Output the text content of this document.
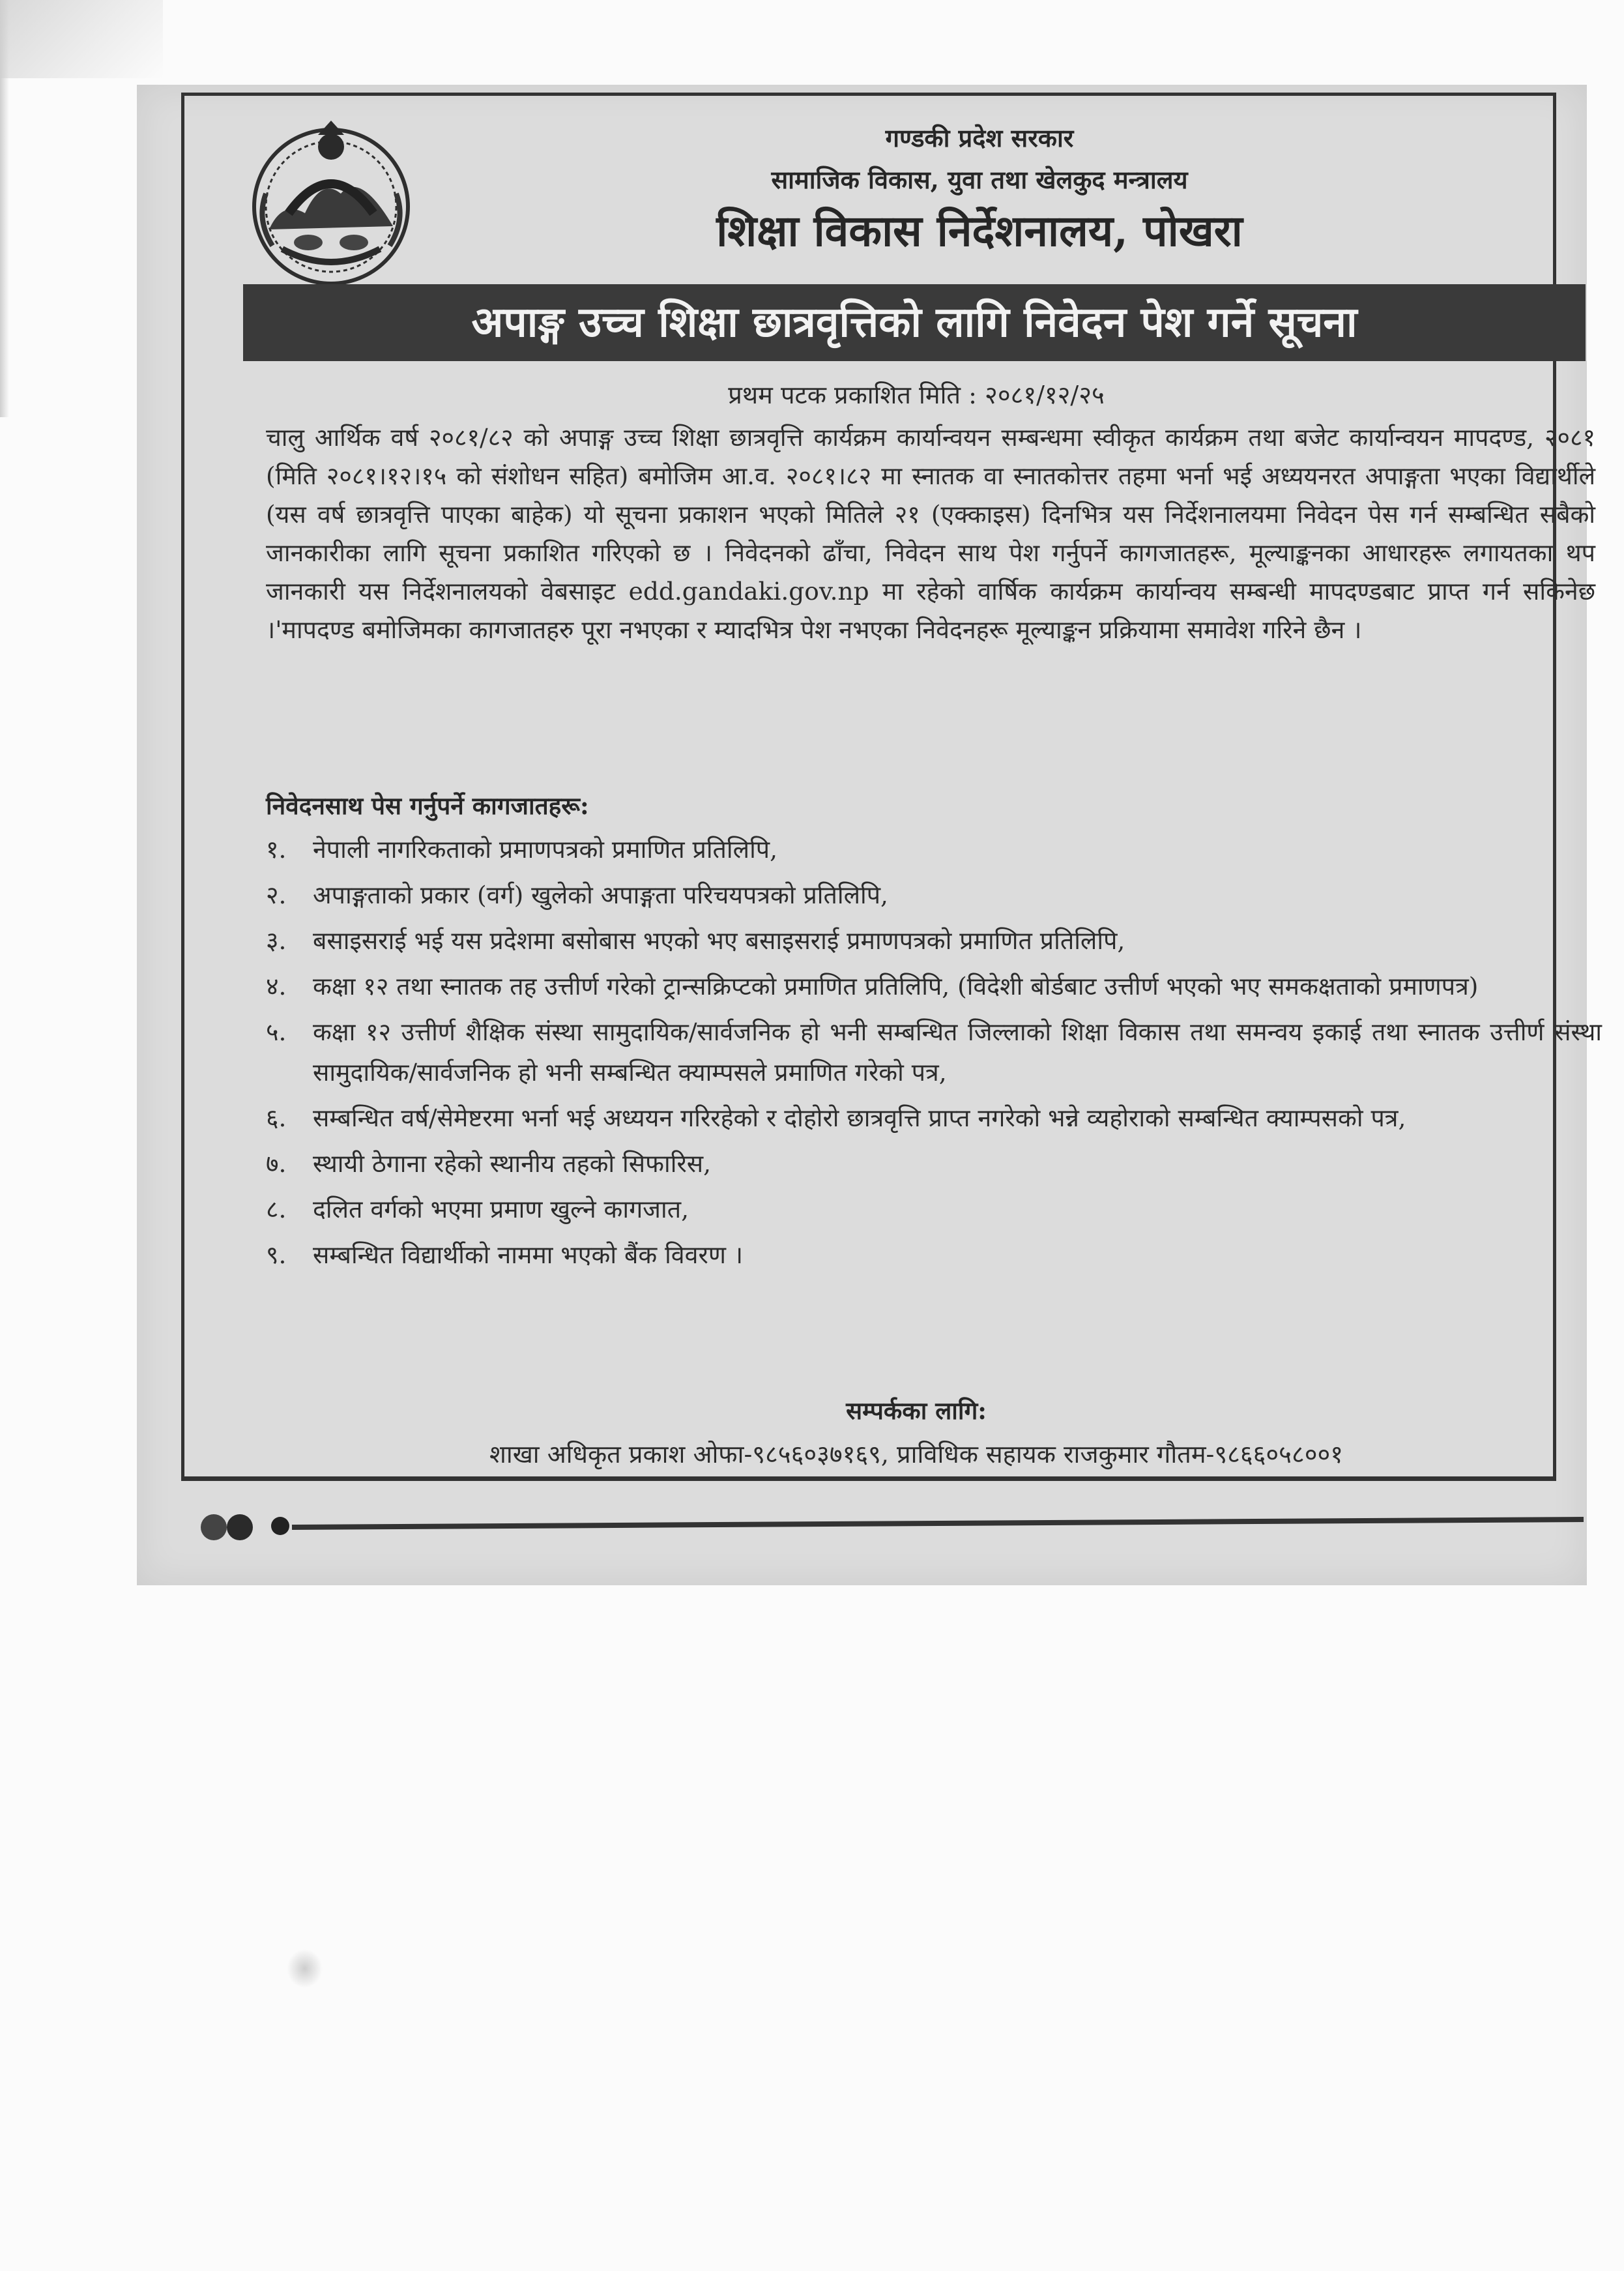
गण्डकी प्रदेश सरकार
सामाजिक विकास, युवा तथा खेलकुद मन्त्रालय
शिक्षा विकास निर्देशनालय, पोखरा
अपाङ्ग उच्च शिक्षा छात्रवृत्तिको लागि निवेदन पेश गर्ने सूचना
प्रथम पटक प्रकाशित मिति : २०८१/१२/२५
चालु आर्थिक वर्ष २०८१/८२ को अपाङ्ग उच्च शिक्षा छात्रवृत्ति कार्यक्रम कार्यान्वयन सम्बन्धमा स्वीकृत कार्यक्रम तथा बजेट कार्यान्वयन मापदण्ड, २०८१ (मिति २०८१।१२।१५ को संशोधन सहित) बमोजिम आ.व. २०८१।८२ मा स्नातक वा स्नातकोत्तर तहमा भर्ना भई अध्ययनरत अपाङ्गता भएका विद्यार्थीले (यस वर्ष छात्रवृत्ति पाएका बाहेक) यो सूचना प्रकाशन भएको मितिले २१ (एक्काइस) दिनभित्र यस निर्देशनालयमा निवेदन पेस गर्न सम्बन्धित सबैको जानकारीका लागि सूचना प्रकाशित गरिएको छ । निवेदनको ढाँचा, निवेदन साथ पेश गर्नुपर्ने कागजातहरू, मूल्याङ्कनका आधारहरू लगायतका थप जानकारी यस निर्देशनालयको वेबसाइट edd.gandaki.gov.np मा रहेको वार्षिक कार्यक्रम कार्यान्वय सम्बन्धी मापदण्डबाट प्राप्त गर्न सकिनेछ ।'मापदण्ड बमोजिमका कागजातहरु पूरा नभएका र म्यादभित्र पेश नभएका निवेदनहरू मूल्याङ्कन प्रक्रियामा समावेश गरिने छैन ।
निवेदनसाथ पेस गर्नुपर्ने कागजातहरू:
१. नेपाली नागरिकताको प्रमाणपत्रको प्रमाणित प्रतिलिपि,
२. अपाङ्गताको प्रकार (वर्ग) खुलेको अपाङ्गता परिचयपत्रको प्रतिलिपि,
३. बसाइसराई भई यस प्रदेशमा बसोबास भएको भए बसाइसराई प्रमाणपत्रको प्रमाणित प्रतिलिपि,
४. कक्षा १२ तथा स्नातक तह उत्तीर्ण गरेको ट्रान्सक्रिप्टको प्रमाणित प्रतिलिपि, (विदेशी बोर्डबाट उत्तीर्ण भएको भए समकक्षताको प्रमाणपत्र)
५. कक्षा १२ उत्तीर्ण शैक्षिक संस्था सामुदायिक/सार्वजनिक हो भनी सम्बन्धित जिल्लाको शिक्षा विकास तथा समन्वय इकाई तथा स्नातक उत्तीर्ण संस्था सामुदायिक/सार्वजनिक हो भनी सम्बन्धित क्याम्पसले प्रमाणित गरेको पत्र,
६. सम्बन्धित वर्ष/सेमेष्टरमा भर्ना भई अध्ययन गरिरहेको र दोहोरो छात्रवृत्ति प्राप्त नगरेको भन्ने व्यहोराको सम्बन्धित क्याम्पसको पत्र,
७. स्थायी ठेगाना रहेको स्थानीय तहको सिफारिस,
८. दलित वर्गको भएमा प्रमाण खुल्ने कागजात,
९. सम्बन्धित विद्यार्थीको नाममा भएको बैंक विवरण ।
सम्पर्कका लागि:
शाखा अधिकृत प्रकाश ओफा-९८५६०३७१६९, प्राविधिक सहायक राजकुमार गौतम-९८६६०५८००१
